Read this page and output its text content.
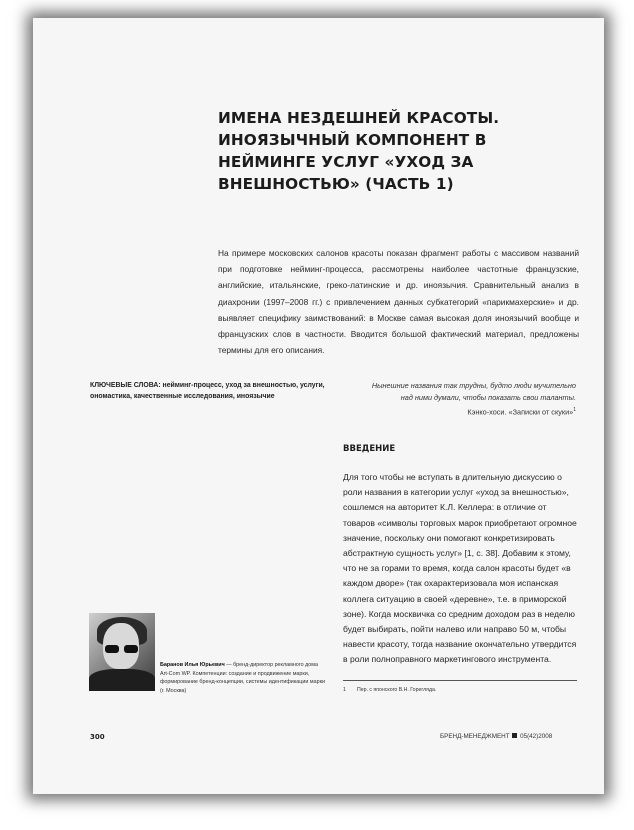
ИМЕНА НЕЗДЕШНЕЙ КРАСОТЫ. ИНОЯЗЫЧНЫЙ КОМПОНЕНТ В НЕЙМИНГЕ УСЛУГ «УХОД ЗА ВНЕШНОСТЬЮ» (ЧАСТЬ 1)
На примере московских салонов красоты показан фрагмент работы с массивом названий при подготовке нейминг-процесса, рассмотрены наиболее частотные французские, английские, итальянские, греко-латинские и др. иноязычия. Сравнительный анализ в диахронии (1997–2008 гг.) с привлечением данных субкатегорий «парикмахерские» и др. выявляет специфику заимствований: в Москве самая высокая доля иноязычий вообще и французских слов в частности. Вводится большой фактический материал, предложены термины для его описания.
КЛЮЧЕВЫЕ СЛОВА: нейминг-процесс, уход за внешностью, услуги, ономастика, качественные исследования, иноязычие
Нынешние названия так трудны, будто люди мучительно
над ними думали, чтобы показать свои таланты.
Кэнко-хоси. «Записки от скуки»$^1$
ВВЕДЕНИЕ
Для того чтобы не вступать в длительную дискуссию о роли названия в категории услуг «уход за внешностью», сошлемся на авторитет К.Л. Келлера: в отличие от товаров «символы торговых марок приобретают огромное значение, поскольку они помогают конкретизировать абстрактную сущность услуг» [1, с. 38]. Добавим к этому, что не за горами то время, когда салон красоты будет «в каждом дворе» (так охарактеризовала моя испанская коллега ситуацию в своей «деревне», т.е. в приморской зоне). Когда москвичка со средним доходом раз в неделю будет выбирать, пойти налево или направо 50 м, чтобы навести красоту, тогда название окончательно утвердится в роли полноправного маркетингового инструмента.
1 Пер. с японского В.Н. Горегляда.
Баранов Илья Юрьевич — бренд-директор рекламного дома Art-Com WP. Компетенции: создание и продвижение марки, формирование бренд-концепции, системы идентификации марки (г. Москва)
300	БРЕНД-МЕНЕДЖМЕНТ 05(42)2008
